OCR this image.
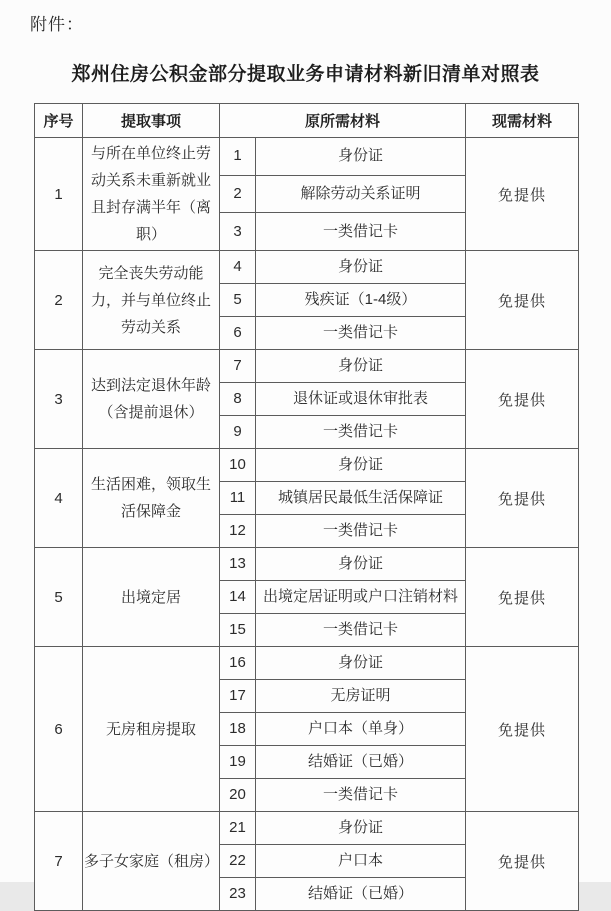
附件：
郑州住房公积金部分提取业务申请材料新旧清单对照表
序号	提取事项	原所需材料		现需材料
1	与所在单位终止劳动关系未重新就业且封存满半年（离职）	1	身份证	免提供
		2	解除劳动关系证明	
		3	一类借记卡	
2	完全丧失劳动能力，并与单位终止劳动关系	4	身份证	免提供
		5	残疾证（1-4级）	
		6	一类借记卡	
3	达到法定退休年龄（含提前退休）	7	身份证	免提供
		8	退休证或退休审批表	
		9	一类借记卡	
4	生活困难，领取生活保障金	10	身份证	免提供
		11	城镇居民最低生活保障证	
		12	一类借记卡	
5	出境定居	13	身份证	免提供
		14	出境定居证明或户口注销材料	
		15	一类借记卡	
6	无房租房提取	16	身份证	免提供
		17	无房证明	
		18	户口本（单身）	
		19	结婚证（已婚）	
		20	一类借记卡	
7	多子女家庭（租房）	21	身份证	免提供
		22	户口本	
		23	结婚证（已婚）	
